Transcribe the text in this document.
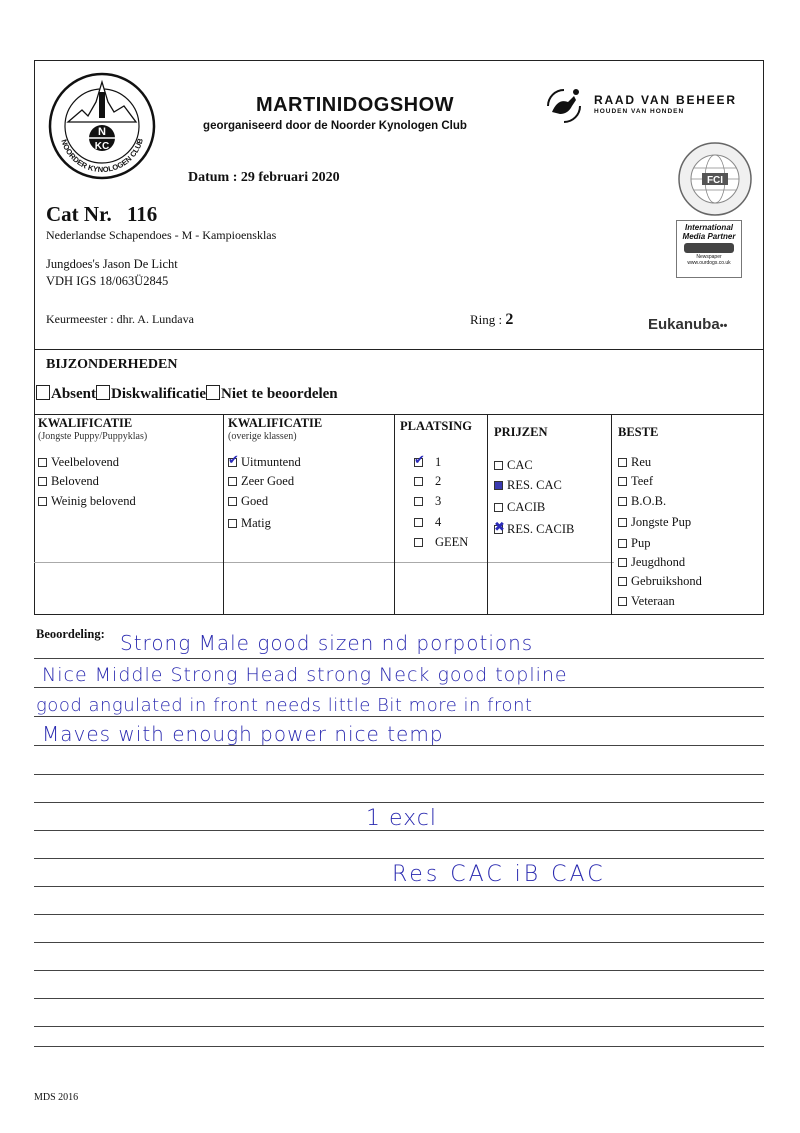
N
KC
NOORDER KYNOLOGEN CLUB
MARTINIDOGSHOW
georganiseerd door de Noorder Kynologen Club
Datum : 29 februari 2020
RAAD VAN BEHEER
HOUDEN VAN HONDEN
FCI
International
Media Partner
Newspaper
www.ourdogs.co.uk
Cat Nr. 116
Nederlandse Schapendoes - M - Kampioensklas
Jungdoes's Jason De Licht
VDH IGS 18/063Ü2845
Keurmeester : dhr. A. Lundava	Ring : 2	Eukanuba••
BIJZONDERHEDEN
Absent Diskwalificatie Niet te beoordelen
KWALIFICATIE
(Jongste Puppy/Puppyklas)
Veelbelovend
Belovend
Weinig belovend
KWALIFICATIE
(overige klassen)
✔ Uitmuntend
Zeer Goed
Goed
Matig
PLAATSING
✔ 1
2
3
4
GEEN
PRIJZEN
CAC
RES. CAC
CACIB
✖ RES. CACIB
BESTE
Reu
Teef
B.O.B.
Jongste Pup
Pup
Jeugdhond
Gebruikshond
Veteraan
Beoordeling: Strong Male good sizen nd porpotions
Nice Middle Strong Head strong Neck good topline
good angulated in front needs little Bit more in front
Maves with enough power nice temp
1 excl
Res CAC iB CAC
MDS 2016
